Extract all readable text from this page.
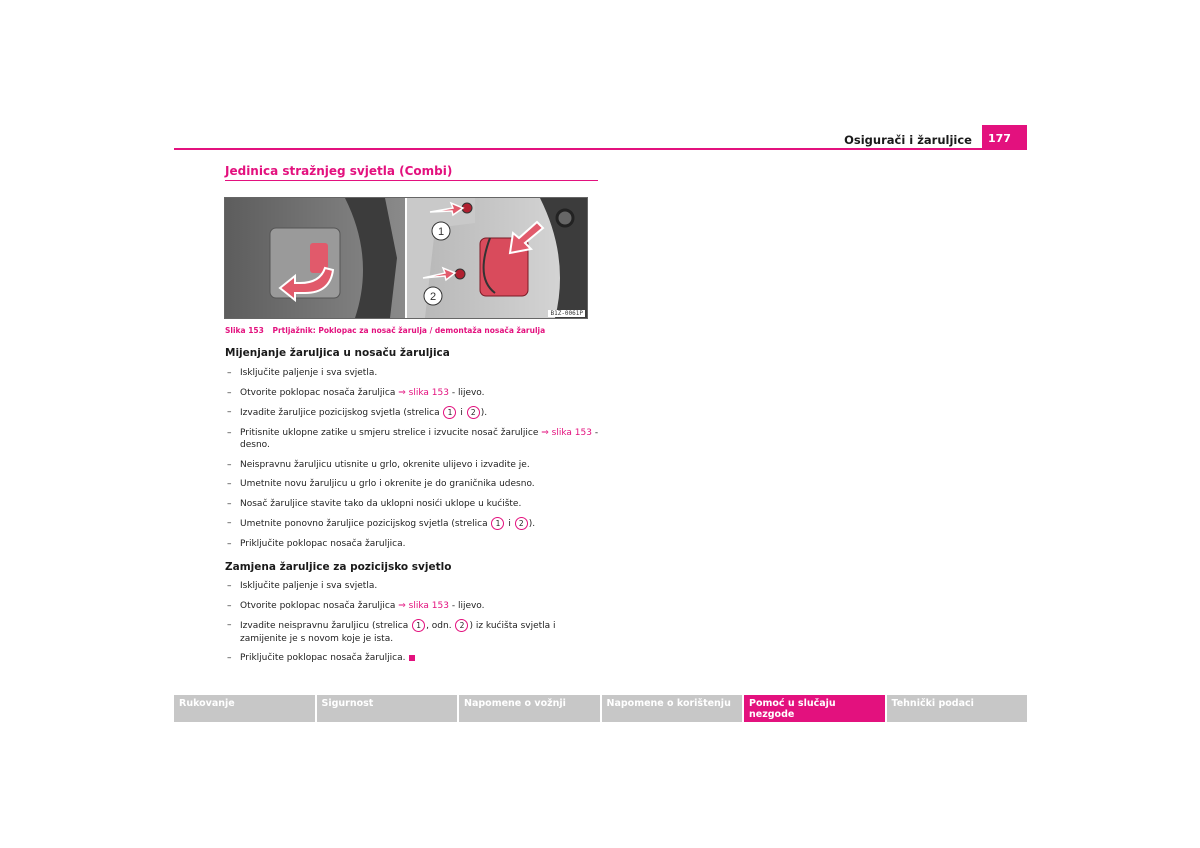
Osigurači i žaruljice	177
Jedinica stražnjeg svjetla (Combi)
1
2
B1Z-0061P
Slika 153 Prtljažnik: Poklopac za nosač žarulja / demontaža nosača žarulja
Mijenjanje žaruljica u nosaču žaruljica
– Isključite paljenje i sva svjetla.
– Otvorite poklopac nosača žaruljica ⇒ slika 153 - lijevo.
– Izvadite žaruljice pozicijskog svjetla (strelica 1 i 2 ).
– Pritisnite uklopne zatike u smjeru strelice i izvucite nosač žaruljice ⇒ slika 153 - desno.
– Neispravnu žaruljicu utisnite u grlo, okrenite ulijevo i izvadite je.
– Umetnite novu žaruljicu u grlo i okrenite je do graničnika udesno.
– Nosač žaruljice stavite tako da uklopni nosići uklope u kućište.
– Umetnite ponovno žaruljice pozicijskog svjetla (strelica 1 i 2 ).
– Priključite poklopac nosača žaruljica.
Zamjena žaruljice za pozicijsko svjetlo
– Isključite paljenje i sva svjetla.
– Otvorite poklopac nosača žaruljica ⇒ slika 153 - lijevo.
– Izvadite neispravnu žaruljicu (strelica 1 , odn. 2 ) iz kućišta svjetla i zamijenite je s novom koje je ista.
– Priključite poklopac nosača žaruljica.
Rukovanje	Sigurnost	Napomene o vožnji	Napomene o korištenju	Pomoć u slučaju nezgode
Tehnički podaci
